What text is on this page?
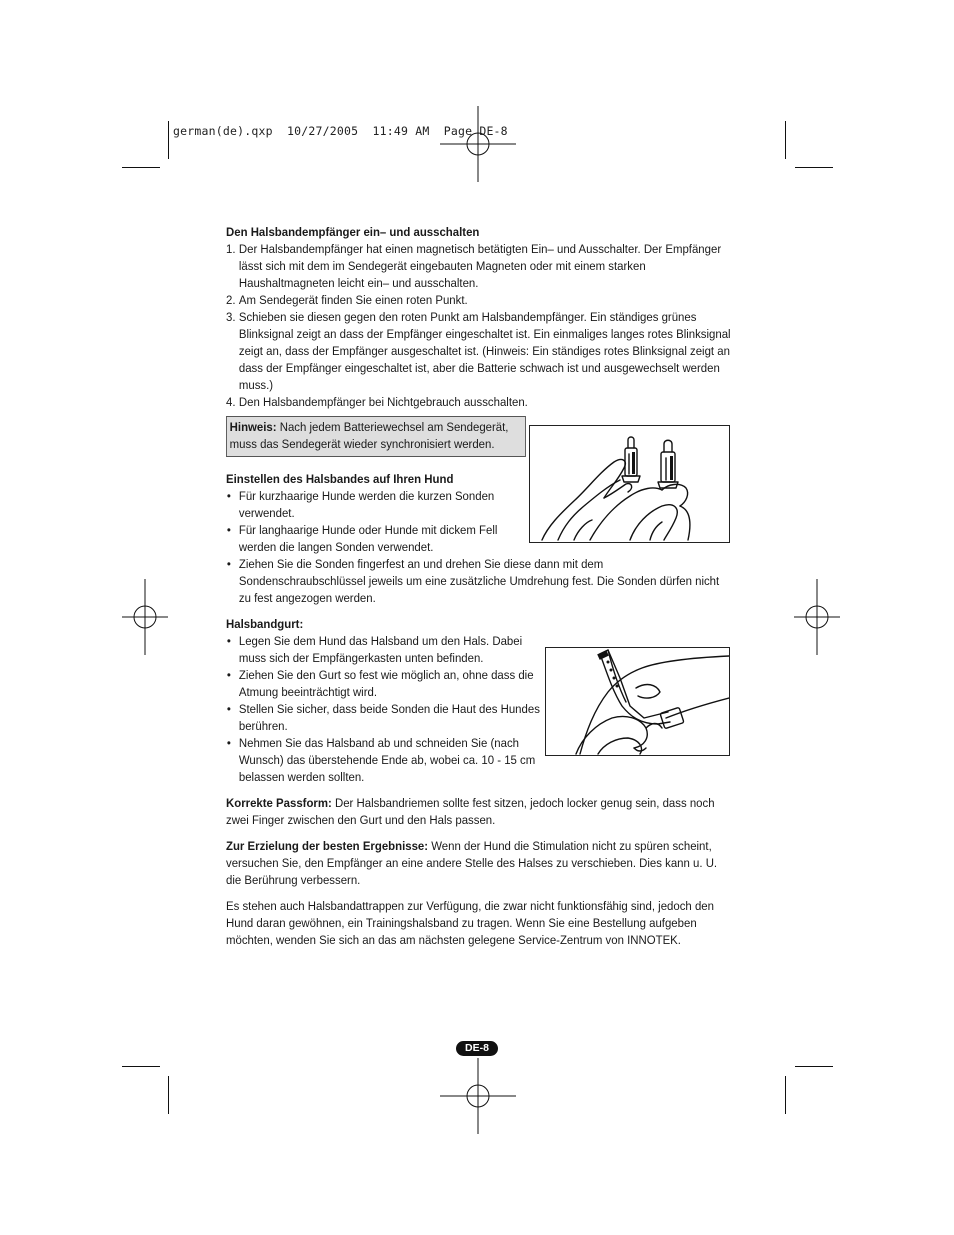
german(de).qxp  10/27/2005  11:49 AM  Page DE-8
Den Halsbandempfänger ein– und ausschalten
1. Der Halsbandempfänger hat einen magnetisch betätigten Ein– und Ausschalter. Der Empfänger lässt sich mit dem im Sendegerät eingebauten Magneten oder mit einem starken Haushaltmagneten leicht ein– und ausschalten.
2. Am Sendegerät finden Sie einen roten Punkt.
3. Schieben sie diesen gegen den roten Punkt am Halsbandempfänger. Ein ständiges grünes Blinksignal zeigt an dass der Empfänger eingeschaltet ist. Ein einmaliges langes rotes Blinksignal zeigt an, dass der Empfänger ausgeschaltet ist. (Hinweis: Ein ständiges rotes Blinksignal zeigt an dass der Empfänger eingeschaltet ist, aber die Batterie schwach ist und ausgewechselt werden muss.)
4. Den Halsbandempfänger bei Nichtgebrauch ausschalten.
Hinweis: Nach jedem Batteriewechsel am Sendegerät, muss das Sendegerät wieder synchronisiert werden.
Einstellen des Halsbandes auf Ihren Hund
• Für kurzhaarige Hunde werden die kurzen Sonden verwendet.
• Für langhaarige Hunde oder Hunde mit dickem Fell werden die langen Sonden verwendet.
• Ziehen Sie die Sonden fingerfest an und drehen Sie diese dann mit dem Sondenschraubschlüssel jeweils um eine zusätzliche Umdrehung fest. Die Sonden dürfen nicht zu fest angezogen werden.
Halsbandgurt:
• Legen Sie dem Hund das Halsband um den Hals. Dabei muss sich der Empfängerkasten unten befinden.
• Ziehen Sie den Gurt so fest wie möglich an, ohne dass die Atmung beeinträchtigt wird.
• Stellen Sie sicher, dass beide Sonden die Haut des Hundes berühren.
• Nehmen Sie das Halsband ab und schneiden Sie (nach Wunsch) das überstehende Ende ab, wobei ca. 10 - 15 cm belassen werden sollten.

Korrekte Passform: Der Halsbandriemen sollte fest sitzen, jedoch locker genug sein, dass noch zwei Finger zwischen den Gurt und den Hals passen.

Zur Erzielung der besten Ergebnisse: Wenn der Hund die Stimulation nicht zu spüren scheint, versuchen Sie, den Empfänger an eine andere Stelle des Halses zu verschieben. Dies kann u. U. die Berührung verbessern.

Es stehen auch Halsbandattrappen zur Verfügung, die zwar nicht funktionsfähig sind, jedoch den Hund daran gewöhnen, ein Trainingshalsband zu tragen. Wenn Sie eine Bestellung aufgeben möchten, wenden Sie sich an das am nächsten gelegene Service-Zentrum von INNOTEK.

DE-8
